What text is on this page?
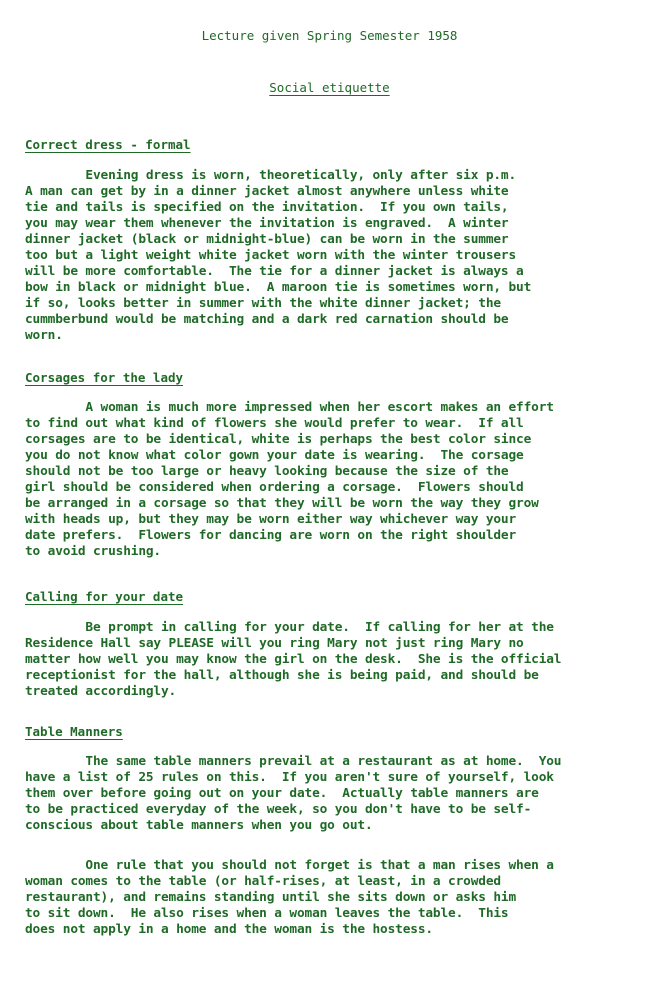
Lecture given Spring Semester 1958
Social etiquette
Correct dress - formal
Evening dress is worn, theoretically, only after six p.m.
A man can get by in a dinner jacket almost anywhere unless white
tie and tails is specified on the invitation.  If you own tails,
you may wear them whenever the invitation is engraved.  A winter
dinner jacket (black or midnight-blue) can be worn in the summer
too but a light weight white jacket worn with the winter trousers
will be more comfortable.  The tie for a dinner jacket is always a
bow in black or midnight blue.  A maroon tie is sometimes worn, but
if so, looks better in summer with the white dinner jacket; the
cummberbund would be matching and a dark red carnation should be
worn.
Corsages for the lady
A woman is much more impressed when her escort makes an effort
to find out what kind of flowers she would prefer to wear.  If all
corsages are to be identical, white is perhaps the best color since
you do not know what color gown your date is wearing.  The corsage
should not be too large or heavy looking because the size of the
girl should be considered when ordering a corsage.  Flowers should
be arranged in a corsage so that they will be worn the way they grow
with heads up, but they may be worn either way whichever way your
date prefers.  Flowers for dancing are worn on the right shoulder
to avoid crushing.
Calling for your date
Be prompt in calling for your date.  If calling for her at the
Residence Hall say PLEASE will you ring Mary not just ring Mary no
matter how well you may know the girl on the desk.  She is the official
receptionist for the hall, although she is being paid, and should be
treated accordingly.
Table Manners
The same table manners prevail at a restaurant as at home.  You
have a list of 25 rules on this.  If you aren't sure of yourself, look
them over before going out on your date.  Actually table manners are
to be practiced everyday of the week, so you don't have to be self-
conscious about table manners when you go out.
One rule that you should not forget is that a man rises when a
woman comes to the table (or half-rises, at least, in a crowded
restaurant), and remains standing until she sits down or asks him
to sit down.  He also rises when a woman leaves the table.  This
does not apply in a home and the woman is the hostess.
